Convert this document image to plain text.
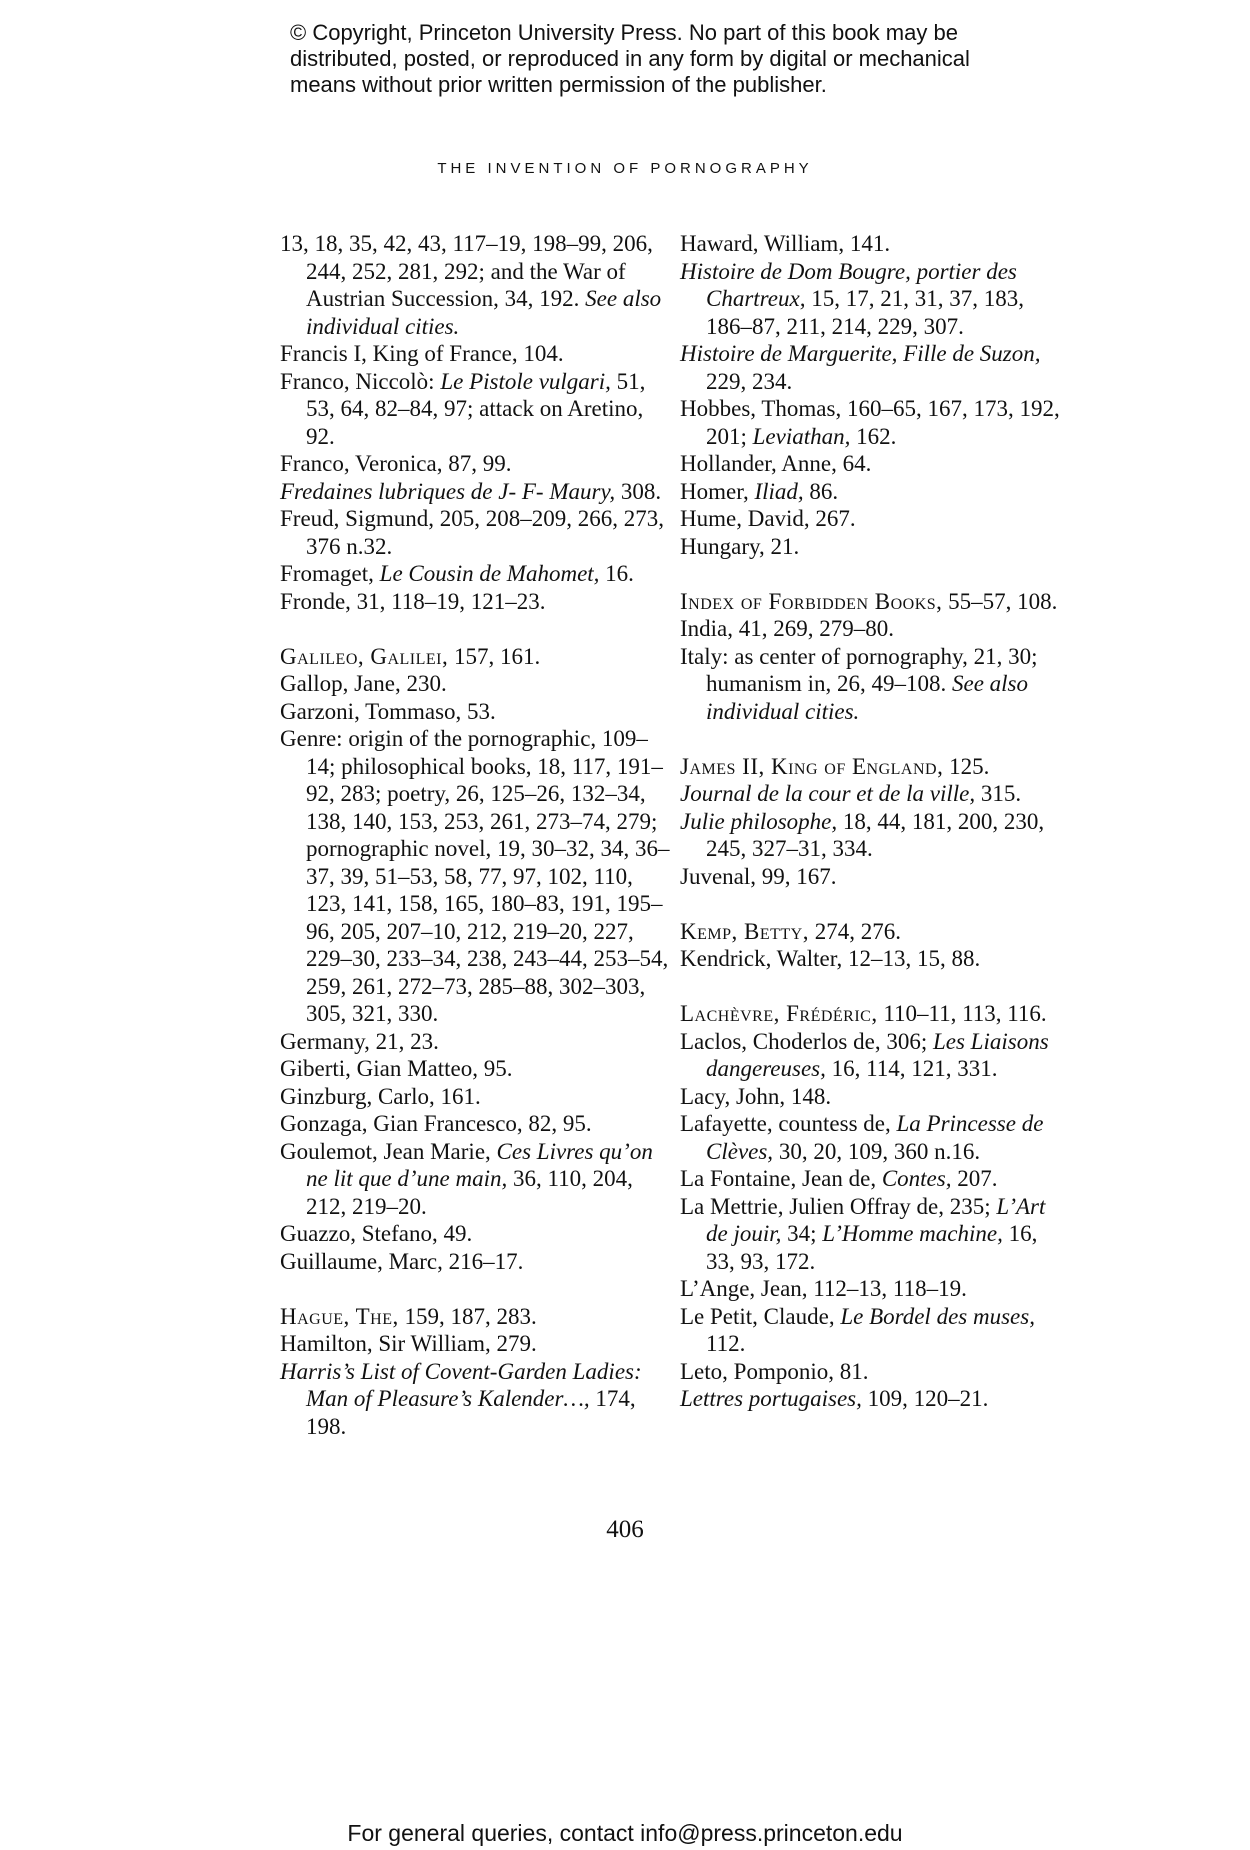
© Copyright, Princeton University Press. No part of this book may be
distributed, posted, or reproduced in any form by digital or mechanical
means without prior written permission of the publisher.
THE INVENTION OF PORNOGRAPHY
13, 18, 35, 42, 43, 117–19, 198–99, 206, 244, 252, 281, 292; and the War of Austrian Succession, 34, 192. See also individual cities.
Francis I, King of France, 104.
Franco, Niccolò: Le Pistole vulgari, 51, 53, 64, 82–84, 97; attack on Aretino, 92.
Franco, Veronica, 87, 99.
Fredaines lubriques de J- F- Maury, 308.
Freud, Sigmund, 205, 208–209, 266, 273, 376 n.32.
Fromaget, Le Cousin de Mahomet, 16.
Fronde, 31, 118–19, 121–23.
Galileo, Galilei, 157, 161.
Gallop, Jane, 230.
Garzoni, Tommaso, 53.
Genre: origin of the pornographic, 109–14; philosophical books, 18, 117, 191–92, 283; poetry, 26, 125–26, 132–34, 138, 140, 153, 253, 261, 273–74, 279; pornographic novel, 19, 30–32, 34, 36–37, 39, 51–53, 58, 77, 97, 102, 110, 123, 141, 158, 165, 180–83, 191, 195–96, 205, 207–10, 212, 219–20, 227, 229–30, 233–34, 238, 243–44, 253–54, 259, 261, 272–73, 285–88, 302–303, 305, 321, 330.
Germany, 21, 23.
Giberti, Gian Matteo, 95.
Ginzburg, Carlo, 161.
Gonzaga, Gian Francesco, 82, 95.
Goulemot, Jean Marie, Ces Livres qu’on ne lit que d’une main, 36, 110, 204, 212, 219–20.
Guazzo, Stefano, 49.
Guillaume, Marc, 216–17.
Hague, The, 159, 187, 283.
Hamilton, Sir William, 279.
Harris’s List of Covent-Garden Ladies: Man of Pleasure’s Kalender…, 174, 198.
Haward, William, 141.
Histoire de Dom Bougre, portier des Chartreux, 15, 17, 21, 31, 37, 183, 186–87, 211, 214, 229, 307.
Histoire de Marguerite, Fille de Suzon, 229, 234.
Hobbes, Thomas, 160–65, 167, 173, 192, 201; Leviathan, 162.
Hollander, Anne, 64.
Homer, Iliad, 86.
Hume, David, 267.
Hungary, 21.
Index of Forbidden Books, 55–57, 108.
India, 41, 269, 279–80.
Italy: as center of pornography, 21, 30; humanism in, 26, 49–108. See also individual cities.
James II, King of England, 125.
Journal de la cour et de la ville, 315.
Julie philosophe, 18, 44, 181, 200, 230, 245, 327–31, 334.
Juvenal, 99, 167.
Kemp, Betty, 274, 276.
Kendrick, Walter, 12–13, 15, 88.
Lachèvre, Frédéric, 110–11, 113, 116.
Laclos, Choderlos de, 306; Les Liaisons dangereuses, 16, 114, 121, 331.
Lacy, John, 148.
Lafayette, countess de, La Princesse de Clèves, 30, 20, 109, 360 n.16.
La Fontaine, Jean de, Contes, 207.
La Mettrie, Julien Offray de, 235; L’Art de jouir, 34; L’Homme machine, 16, 33, 93, 172.
L’Ange, Jean, 112–13, 118–19.
Le Petit, Claude, Le Bordel des muses, 112.
Leto, Pomponio, 81.
Lettres portugaises, 109, 120–21.
406
For general queries, contact info@press.princeton.edu
